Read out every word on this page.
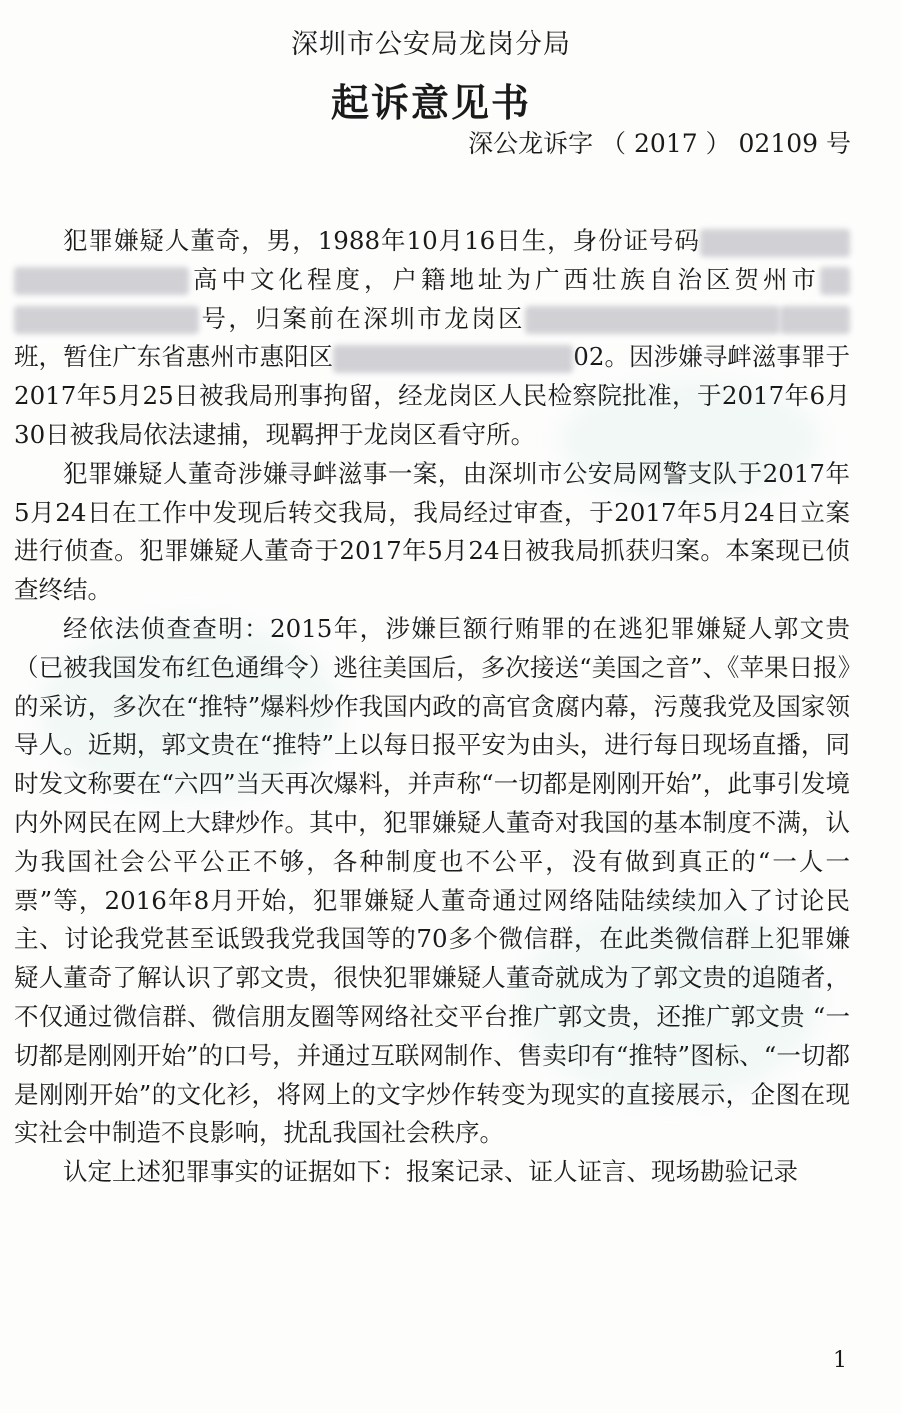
深圳市公安局龙岗分局
起诉意见书
深公龙诉字 （ 2017 ） 02109 号

犯罪嫌疑人董奇，男，1988年10月16日生，身份证号码高中文化程度，户籍地址为广西壮族自治区贺州市号，归案前在深圳市龙岗区班，暂住广东省惠州市惠阳区	02。因涉嫌寻衅滋事罪于2017年5月25日被我局刑事拘留，经龙岗区人民检察院批准，于2017年6月30日被我局依法逮捕，现羁押于龙岗区看守所。

犯罪嫌疑人董奇涉嫌寻衅滋事一案，由深圳市公安局网警支队于2017年5月24日在工作中发现后转交我局，我局经过审查，于2017年5月24日立案进行侦查。犯罪嫌疑人董奇于2017年5月24日被我局抓获归案。本案现已侦查终结。

经依法侦查查明：2015年，涉嫌巨额行贿罪的在逃犯罪嫌疑人郭文贵（已被我国发布红色通缉令）逃往美国后，多次接送“美国之音”、《苹果日报》的采访，多次在“推特”爆料炒作我国内政的高官贪腐内幕，污蔑我党及国家领导人。近期，郭文贵在“推特”上以每日报平安为由头，进行每日现场直播，同时发文称要在“六四”当天再次爆料，并声称“一切都是刚刚开始”，此事引发境内外网民在网上大肆炒作。其中，犯罪嫌疑人董奇对我国的基本制度不满，认为我国社会公平公正不够，各种制度也不公平，没有做到真正的“一人一票”等，2016年8月开始，犯罪嫌疑人董奇通过网络陆陆续续加入了讨论民主、讨论我党甚至诋毁我党我国等的70多个微信群，在此类微信群上犯罪嫌疑人董奇了解认识了郭文贵，很快犯罪嫌疑人董奇就成为了郭文贵的追随者，不仅通过微信群、微信朋友圈等网络社交平台推广郭文贵，还推广郭文贵 “一切都是刚刚开始”的口号，并通过互联网制作、售卖印有“推特”图标、“一切都是刚刚开始”的文化衫，将网上的文字炒作转变为现实的直接展示，企图在现实社会中制造不良影响，扰乱我国社会秩序。

认定上述犯罪事实的证据如下：报案记录、证人证言、现场勘验记录

1
